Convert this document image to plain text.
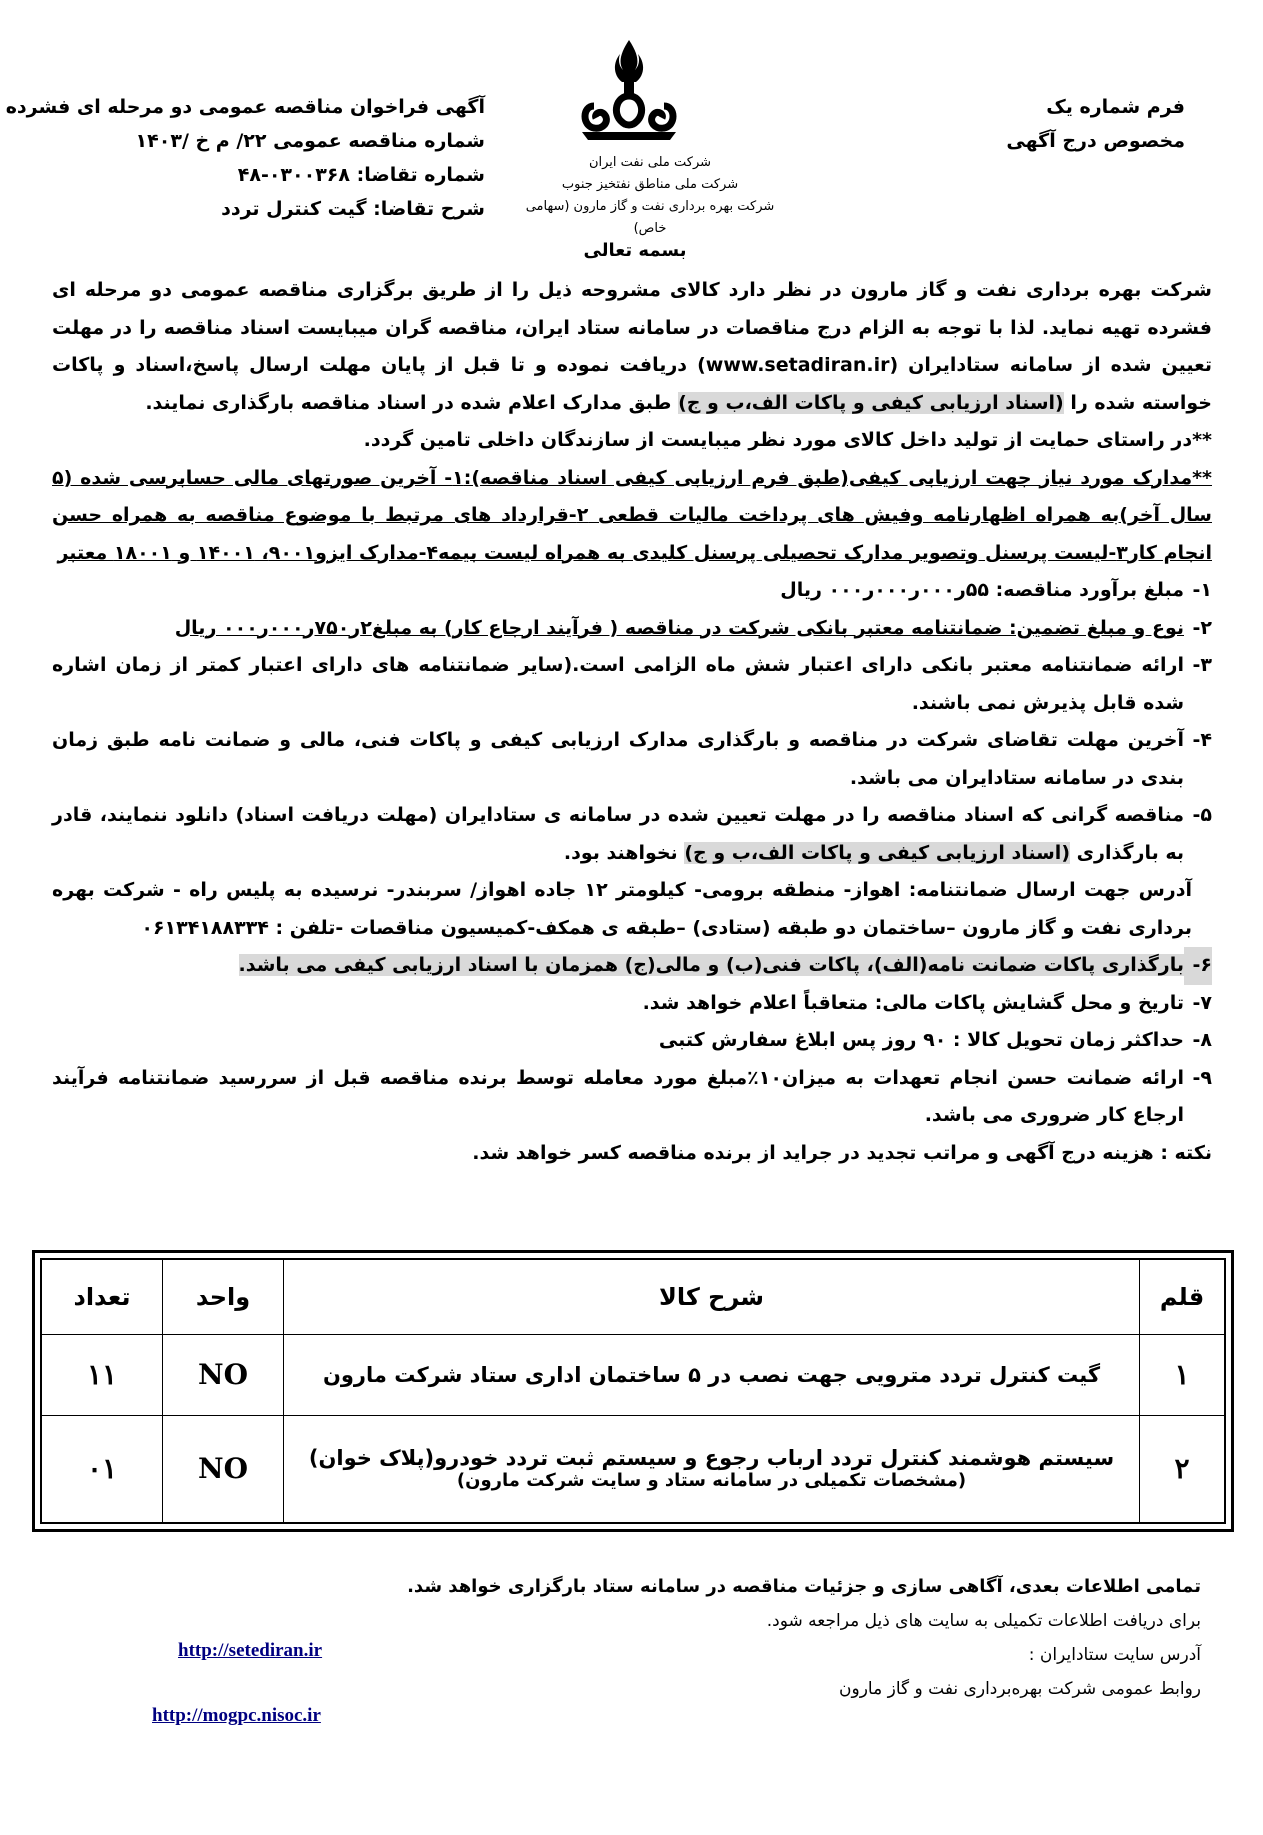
فرم شماره یک
مخصوص درج آگهی
شرکت ملی نفت ایران
شرکت ملی مناطق نفتخیز جنوب
شرکت بهره برداری نفت و گاز مارون (سهامی خاص)
آگهی فراخوان مناقصه عمومی دو مرحله ای فشرده
شماره مناقصه عمومی ۲۲/ م خ /۱۴۰۳
شماره تقاضا: ۰۳۰۰۳۶۸-۴۸
شرح تقاضا: گیت کنترل تردد
بسمه تعالی

شرکت بهره برداری نفت و گاز مارون در نظر دارد کالای مشروحه ذیل را از طریق برگزاری مناقصه عمومی دو مرحله ای فشرده تهیه نماید. لذا با توجه به الزام درج مناقصات در سامانه ستاد ایران، مناقصه گران میبایست اسناد مناقصه را در مهلت تعیین شده از سامانه ستادایران (www.setadiran.ir) دریافت نموده و تا قبل از پایان مهلت ارسال پاسخ،اسناد و پاکات خواسته شده را (اسناد ارزیابی کیفی و پاکات الف،ب و ج) طبق مدارک اعلام شده در اسناد مناقصه بارگذاری نمایند.

**در راستای حمایت از تولید داخل کالای مورد نظر میبایست از سازندگان داخلی تامین گردد.

**مدارک مورد نیاز جهت ارزیابی کیفی(طبق فرم ارزیابی کیفی اسناد مناقصه):۱- آخرین صورتهای مالی حسابرسی شده (۵ سال آخر)به همراه اظهارنامه وفیش های پرداخت مالیات قطعی ۲-قرارداد های مرتبط با موضوع مناقصه به همراه حسن انجام کار۳-لیست پرسنل وتصویر مدارک تحصیلی پرسنل کلیدی به همراه لیست بیمه۴-مدارک ایزو۹۰۰۱، ۱۴۰۰۱ و ۱۸۰۰۱ معتبر

۱-
مبلغ برآورد مناقصه: ۵۵ر۰۰۰ر۰۰۰ر۰۰۰ ریال
۲-
نوع و مبلغ تضمین: ضمانتنامه معتبر بانکی شرکت در مناقصه ( فرآیند ارجاع کار) به مبلغ۲ر۷۵۰ر۰۰۰ر۰۰۰ ریال
۳-
ارائه ضمانتنامه معتبر بانکی دارای اعتبار شش ماه الزامی است.(سایر ضمانتنامه های دارای اعتبار کمتر از زمان اشاره شده قابل پذیرش نمی باشند.
۴-
آخرین مهلت تقاضای شرکت در مناقصه و بارگذاری مدارک ارزیابی کیفی و پاکات فنی، مالی و ضمانت نامه طبق زمان بندی در سامانه ستادایران می باشد.
۵-
مناقصه گرانی که اسناد مناقصه را در مهلت تعیین شده در سامانه ی ستادایران (مهلت دریافت اسناد) دانلود ننمایند، قادر به بارگذاری (اسناد ارزیابی کیفی و پاکات الف،ب و ج) نخواهند بود.

آدرس جهت ارسال ضمانتنامه: اهواز- منطقه برومی- کیلومتر ۱۲ جاده اهواز/ سربندر- نرسیده به پلیس راه - شرکت بهره برداری نفت و گاز مارون –ساختمان دو طبقه (ستادی) –طبقه ی همکف-کمیسیون مناقصات -تلفن : ۰۶۱۳۴۱۸۸۳۳۴

۶-
بارگذاری پاکات ضمانت نامه(الف)، پاکات فنی(ب) و مالی(ج) همزمان با اسناد ارزیابی کیفی می باشد.
۷-
تاریخ و محل گشایش پاکات مالی: متعاقباً اعلام خواهد شد.
۸-
حداکثر زمان تحویل کالا : ۹۰ روز پس ابلاغ سفارش کتبی
۹-
ارائه ضمانت حسن انجام تعهدات به میزان۱۰٪مبلغ مورد معامله توسط برنده مناقصه قبل از سررسید ضمانتنامه فرآیند ارجاع کار ضروری می باشد.

نکته : هزینه درج آگهی و مراتب تجدید در جراید از برنده مناقصه کسر خواهد شد.

قلم	شرح کالا	واحد	تعداد
۱	گیت کنترل تردد مترویی جهت نصب در ۵ ساختمان اداری ستاد شرکت مارون	NO	۱۱
۲	سیستم هوشمند کنترل تردد ارباب رجوع و سیستم ثبت تردد خودرو(پلاک خوان)
(مشخصات تکمیلی در سامانه ستاد و سایت شرکت مارون)	NO	۰۱
تمامی اطلاعات بعدی، آگاهی سازی و جزئیات مناقصه در سامانه ستاد بارگزاری خواهد شد.
برای دریافت اطلاعات تکمیلی به سایت های ذیل مراجعه شود.
آدرس سایت ستادایران :
روابط عمومی شرکت بهره‌برداری نفت و گاز مارون
http://setediran.ir
http://mogpc.nisoc.ir
